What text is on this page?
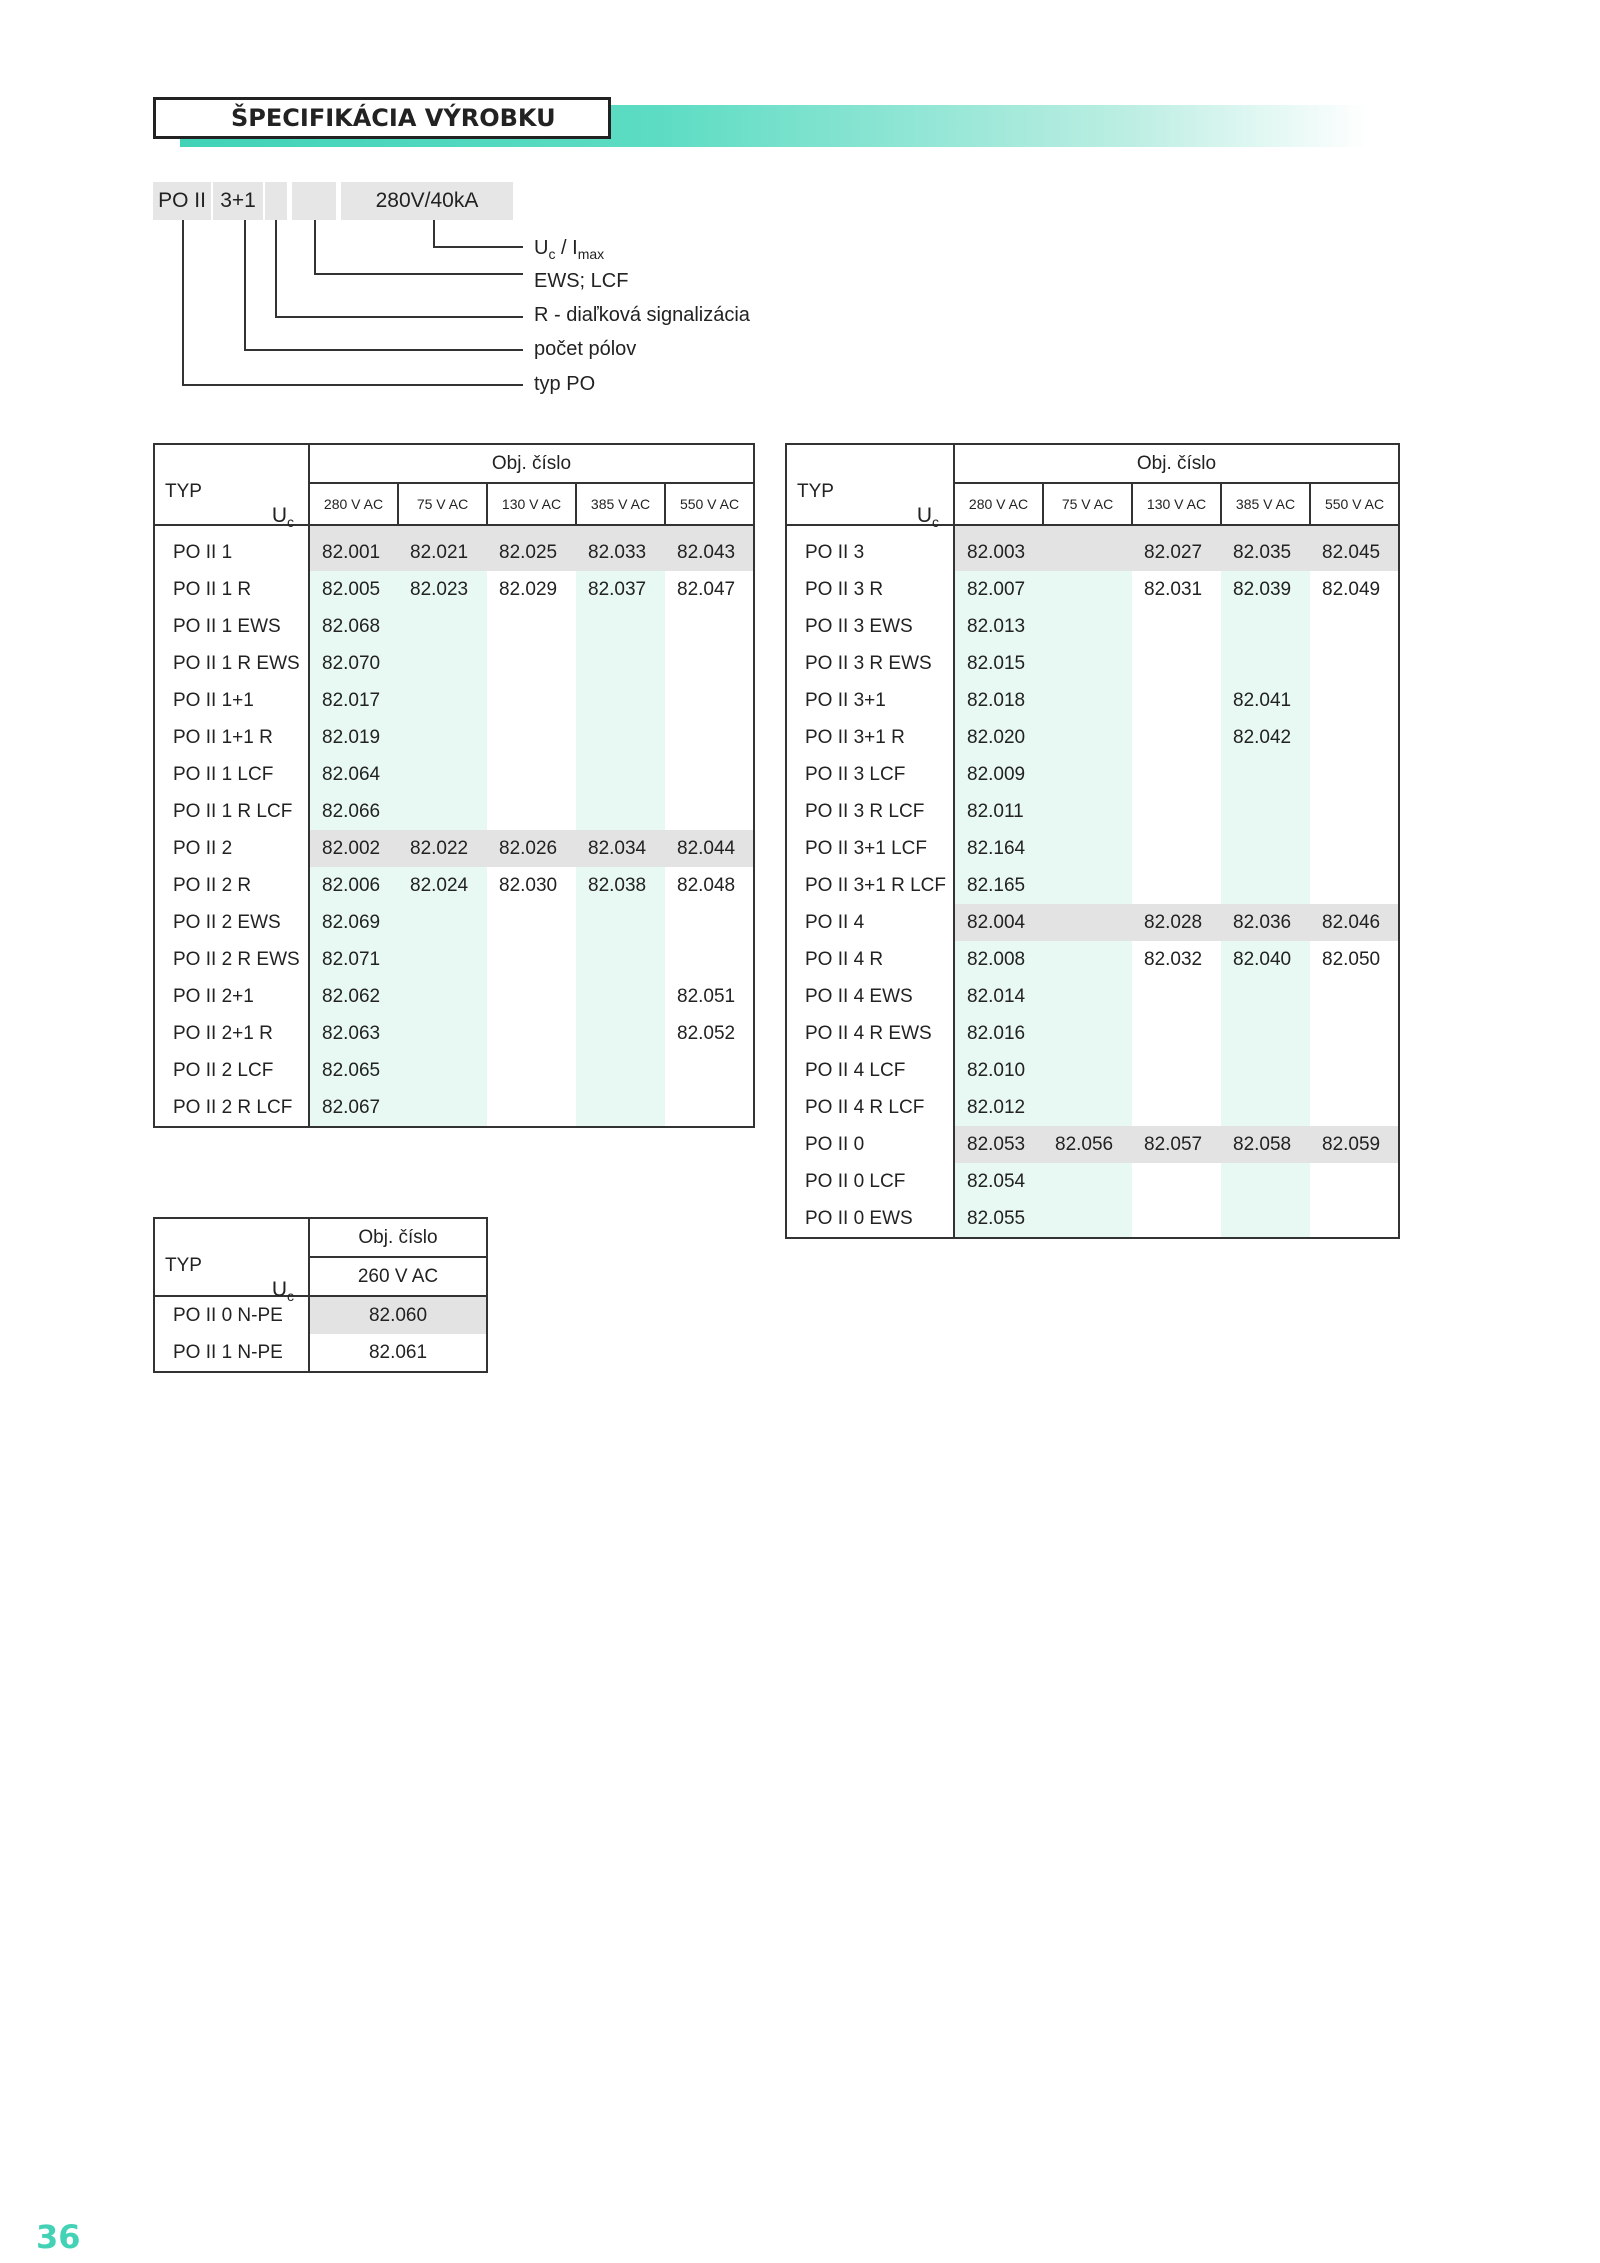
ŠPECIFIKÁCIA VÝROBKU
PO II 3+1	280V/40kA
$U_c / I_{max}$
EWS; LCF
R - diaľková signalizácia
počet pólov
typ PO
TYP
$U_c$	Obj. číslo				
	280 V AC	75 V AC	130 V AC	385 V AC	550 V AC
PO II 1	82.001	82.021	82.025	82.033	82.043
PO II 1 R	82.005	82.023	82.029	82.037	82.047
PO II 1 EWS	82.068				
PO II 1 R EWS	82.070				
PO II 1+1	82.017				
PO II 1+1 R	82.019				
PO II 1 LCF	82.064				
PO II 1 R LCF	82.066				
PO II 2	82.002	82.022	82.026	82.034	82.044
PO II 2 R	82.006	82.024	82.030	82.038	82.048
PO II 2 EWS	82.069				
PO II 2 R EWS	82.071				
PO II 2+1	82.062				82.051
PO II 2+1 R	82.063				82.052
PO II 2 LCF	82.065				
PO II 2 R LCF	82.067				
TYP
$U_c$	Obj. číslo				
	280 V AC	75 V AC	130 V AC	385 V AC	550 V AC
PO II 3	82.003		82.027	82.035	82.045
PO II 3 R	82.007		82.031	82.039	82.049
PO II 3 EWS	82.013				
PO II 3 R EWS	82.015				
PO II 3+1	82.018			82.041	
PO II 3+1 R	82.020			82.042	
PO II 3 LCF	82.009				
PO II 3 R LCF	82.011				
PO II 3+1 LCF	82.164				
PO II 3+1 R LCF	82.165				
PO II 4	82.004		82.028	82.036	82.046
PO II 4 R	82.008		82.032	82.040	82.050
PO II 4 EWS	82.014				
PO II 4 R EWS	82.016				
PO II 4 LCF	82.010				
PO II 4 R LCF	82.012				
PO II 0	82.053	82.056	82.057	82.058	82.059
PO II 0 LCF	82.054				
PO II 0 EWS	82.055				
TYP
$U_c$	Obj. číslo
	260 V AC
PO II 0 N-PE	82.060
PO II 1 N-PE	82.061
36
